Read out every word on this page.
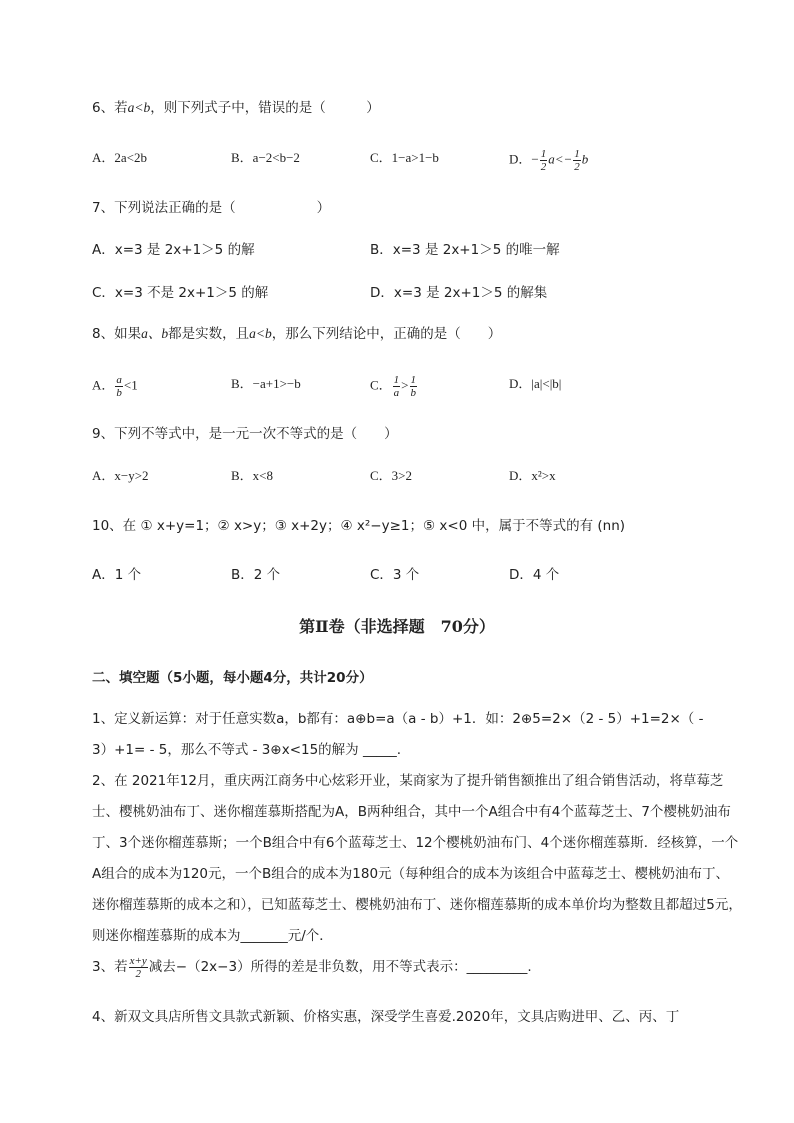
6、若a<b，则下列式子中，错误的是（　　　）
A．2a<2b	B．a−2<b−2	C．1−a>1−b	D．− $\frac{1}{2} a<- \frac{1}{2}$ b
7、下列说法正确的是（　　　　　　）
A．x=3 是 2x+1＞5 的解	B．x=3 是 2x+1＞5 的唯一解
C．x=3 不是 2x+1＞5 的解	D．x=3 是 2x+1＞5 的解集
8、如果a、b都是实数，且a<b，那么下列结论中，正确的是（　　）
A． $\frac{a}{b} <1$	B．−a+1>−b	C． $\frac{1}{a} > \frac{1}{b}$	D．|a|<|b|
9、下列不等式中，是一元一次不等式的是（　　）
A．x−y>2	B．x<8	C．3>2	D．x²>x
10、在 ① x+y=1；② x>y；③ x+2y；④ x²−y≥1；⑤ x<0 中，属于不等式的有 (nn)
A．1 个	B．2 个	C．3 个	D．4 个
第Ⅱ卷（非选择题　70分）
二、填空题（5小题，每小题4分，共计20分）
1、定义新运算：对于任意实数a，b都有：a⊕b=a（a - b）+1．如：2⊕5=2×（2 - 5）+1=2×（ - 3）+1= - 5，那么不等式 - 3⊕x<15的解为 _____.
2、在 2021年12月，重庆两江商务中心炫彩开业，某商家为了提升销售额推出了组合销售活动，将草莓芝士、樱桃奶油布丁、迷你榴莲慕斯搭配为A，B两种组合，其中一个A组合中有4个蓝莓芝士、7个樱桃奶油布丁、3个迷你榴莲慕斯；一个B组合中有6个蓝莓芝士、12个樱桃奶油布门、4个迷你榴莲慕斯．经核算，一个A组合的成本为120元，一个B组合的成本为180元（每种组合的成本为该组合中蓝莓芝士、樱桃奶油布丁、迷你榴莲慕斯的成本之和），已知蓝莓芝士、樱桃奶油布丁、迷你榴莲慕斯的成本单价均为整数且都超过5元，则迷你榴莲慕斯的成本为_______元/个．
3、若 $\frac{x+y}{2}$ 减去−（2x−3）所得的差是非负数，用不等式表示：_________.
4、新双文具店所售文具款式新颖、价格实惠，深受学生喜爱.2020年，文具店购进甲、乙、丙、丁
